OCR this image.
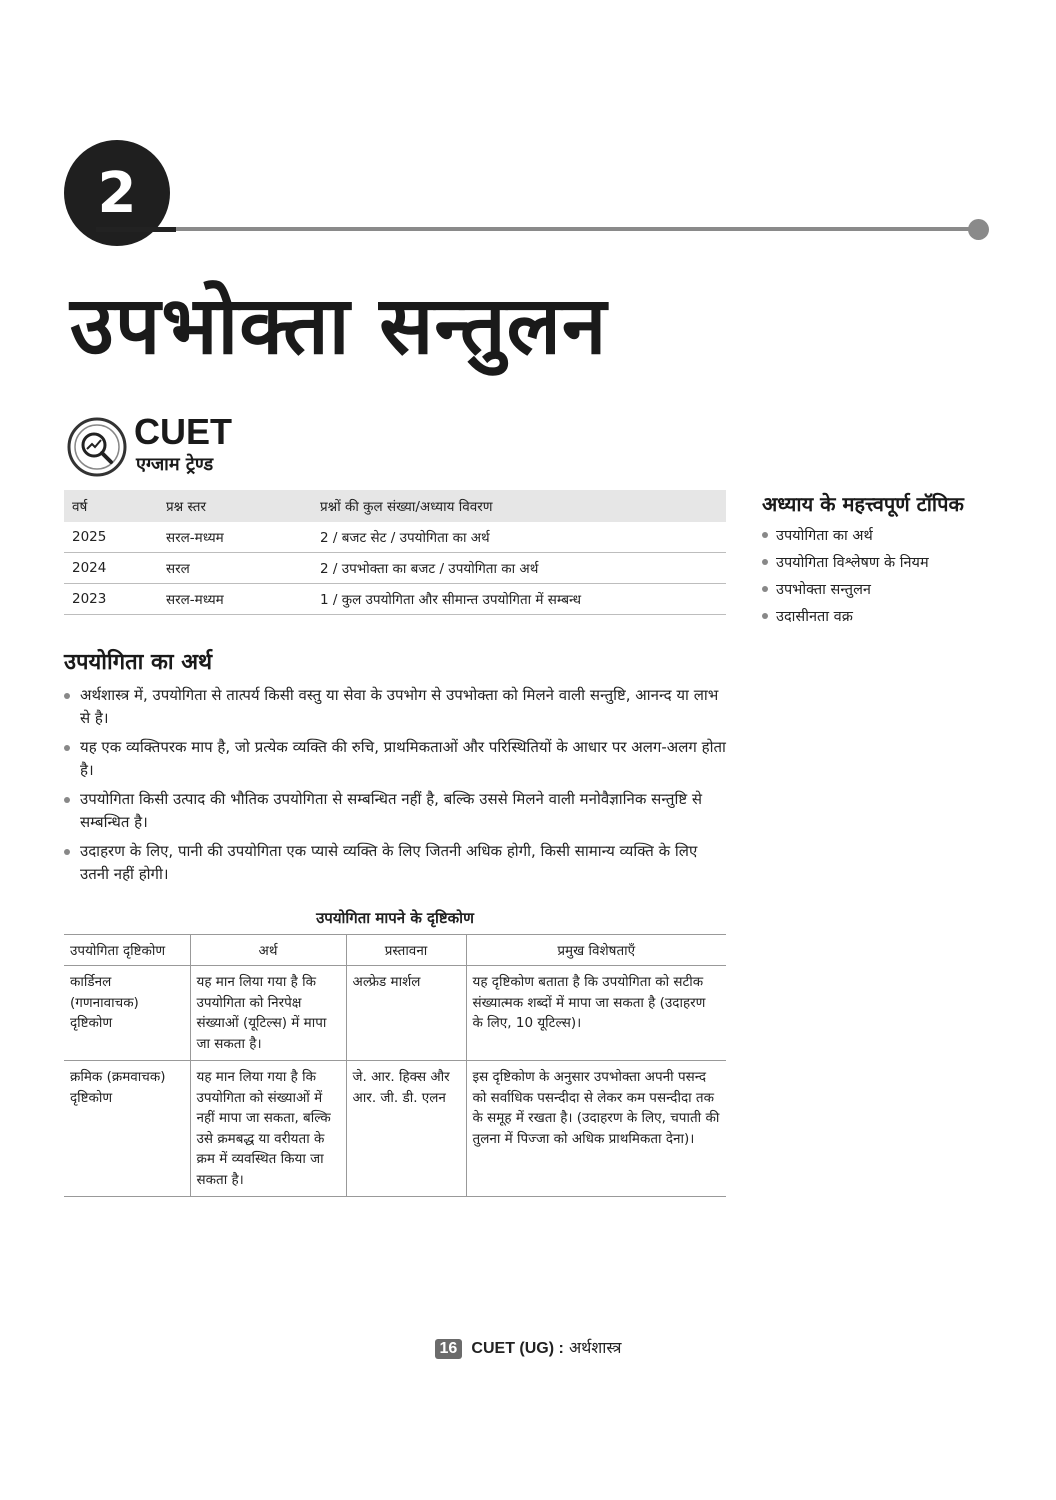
2
उपभोक्ता सन्तुलन
CUET
एग्जाम ट्रेण्ड
वर्ष	प्रश्न स्तर	प्रश्नों की कुल संख्या/अध्याय विवरण
2025	सरल-मध्यम	2 / बजट सेट / उपयोगिता का अर्थ
2024	सरल	2 / उपभोक्ता का बजट / उपयोगिता का अर्थ
2023	सरल-मध्यम	1 / कुल उपयोगिता और सीमान्त उपयोगिता में सम्बन्ध
अध्याय के महत्त्वपूर्ण टॉपिक
उपयोगिता का अर्थ
उपयोगिता विश्लेषण के नियम
उपभोक्ता सन्तुलन
उदासीनता वक्र
उपयोगिता का अर्थ
अर्थशास्त्र में, उपयोगिता से तात्पर्य किसी वस्तु या सेवा के उपभोग से उपभोक्ता को मिलने वाली सन्तुष्टि, आनन्द या लाभ से है।
यह एक व्यक्तिपरक माप है, जो प्रत्येक व्यक्ति की रुचि, प्राथमिकताओं और परिस्थितियों के आधार पर अलग-अलग होता है।
उपयोगिता किसी उत्पाद की भौतिक उपयोगिता से सम्बन्धित नहीं है, बल्कि उससे मिलने वाली मनोवैज्ञानिक सन्तुष्टि से सम्बन्धित है।
उदाहरण के लिए, पानी की उपयोगिता एक प्यासे व्यक्ति के लिए जितनी अधिक होगी, किसी सामान्य व्यक्ति के लिए उतनी नहीं होगी।
उपयोगिता मापने के दृष्टिकोण
उपयोगिता दृष्टिकोण	अर्थ	प्रस्तावना	प्रमुख विशेषताएँ
कार्डिनल (गणनावाचक) दृष्टिकोण	यह मान लिया गया है कि उपयोगिता को निरपेक्ष संख्याओं (यूटिल्स) में मापा जा सकता है।	अल्फ्रेड मार्शल	यह दृष्टिकोण बताता है कि उपयोगिता को सटीक संख्यात्मक शब्दों में मापा जा सकता है (उदाहरण के लिए, 10 यूटिल्स)।
क्रमिक (क्रमवाचक) दृष्टिकोण	यह मान लिया गया है कि उपयोगिता को संख्याओं में नहीं मापा जा सकता, बल्कि उसे क्रमबद्ध या वरीयता के क्रम में व्यवस्थित किया जा सकता है।	जे. आर. हिक्स और आर. जी. डी. एलन	इस दृष्टिकोण के अनुसार उपभोक्ता अपनी पसन्द को सर्वाधिक पसन्दीदा से लेकर कम पसन्दीदा तक के समूह में रखता है। (उदाहरण के लिए, चपाती की तुलना में पिज्जा को अधिक प्राथमिकता देना)।
16 CUET (UG) : अर्थशास्त्र
